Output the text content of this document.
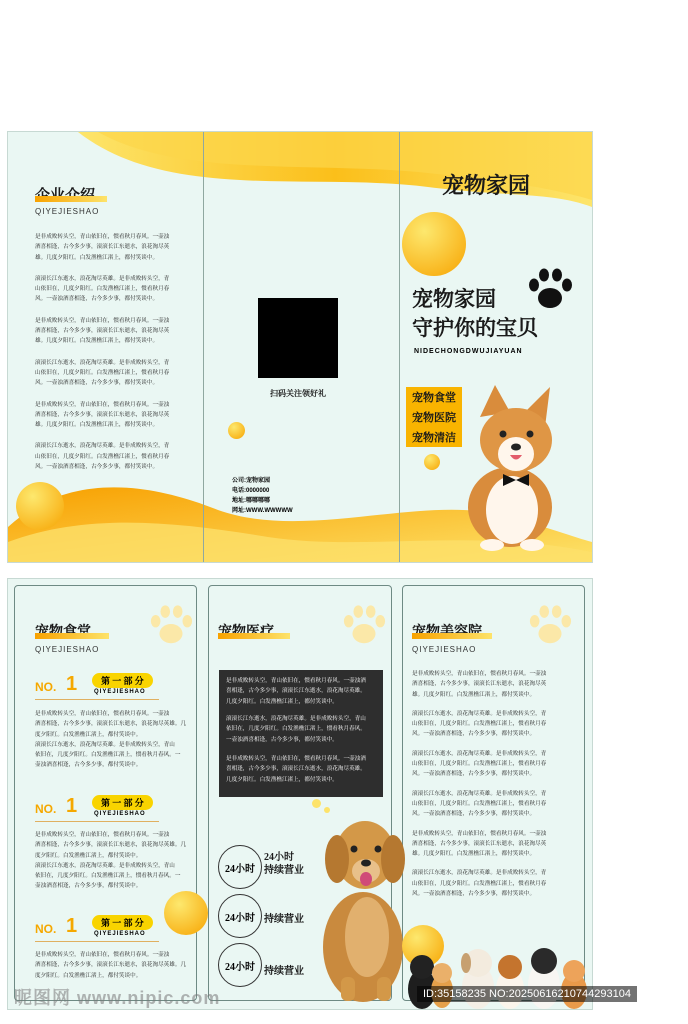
QIYEJIESHAO
是非成败转头空，青山依旧在，惯看秋月春风。一壶浊
酒喜相逢，古今多少事，滚滚长江东逝水，浪花淘尽英
雄。几度夕阳红。白发渔樵江渚上，都付笑谈中。
滚滚长江东逝水，浪花淘尽英雄。是非成败转头空，青
山依旧在，几度夕阳红。白发渔樵江渚上，惯看秋月春
风。一壶浊酒喜相逢，古今多少事，都付笑谈中。
是非成败转头空，青山依旧在，惯看秋月春风。一壶浊
酒喜相逢，古今多少事，滚滚长江东逝水，浪花淘尽英
雄。几度夕阳红。白发渔樵江渚上，都付笑谈中。
滚滚长江东逝水，浪花淘尽英雄。是非成败转头空，青
山依旧在，几度夕阳红。白发渔樵江渚上，惯看秋月春
风。一壶浊酒喜相逢，古今多少事，都付笑谈中。
是非成败转头空，青山依旧在，惯看秋月春风。一壶浊
酒喜相逢，古今多少事，滚滚长江东逝水，浪花淘尽英
雄。几度夕阳红。白发渔樵江渚上，都付笑谈中。
滚滚长江东逝水，浪花淘尽英雄。是非成败转头空，青
山依旧在，几度夕阳红。白发渔樵江渚上，惯看秋月春
风。一壶浊酒喜相逢，古今多少事，都付笑谈中。
扫码关注领好礼
公司:宠物家园
电话:0000000
地址:哪哪哪哪
网址:WWW.WWWWW
宠物家园
宠物家园
守护你的宝贝
NIDECHONGDWUJIAYUAN
宠物食堂
宠物医院
宠物清洁
QIYEJIESHAO
NO. 1	第 一 部 分
QIYEJIESHAO
是非成败转头空，青山依旧在，惯看秋月春风。一壶浊
酒喜相逢，古今多少事，滚滚长江东逝水，浪花淘尽英雄。几
度夕阳红。白发渔樵江渚上，都付笑谈中。
滚滚长江东逝水，浪花淘尽英雄。是非成败转头空，青山
依旧在，几度夕阳红。白发渔樵江渚上，惯看秋月春风。一
壶浊酒喜相逢，古今多少事，都付笑谈中。
NO. 1	第 一 部 分
QIYEJIESHAO
是非成败转头空，青山依旧在，惯看秋月春风。一壶浊
酒喜相逢，古今多少事，滚滚长江东逝水，浪花淘尽英雄。几
度夕阳红。白发渔樵江渚上，都付笑谈中。
滚滚长江东逝水，浪花淘尽英雄。是非成败转头空，青山
依旧在，几度夕阳红。白发渔樵江渚上，惯看秋月春风。一
壶浊酒喜相逢，古今多少事，都付笑谈中。
NO. 1	第 一 部 分
QIYEJIESHAO
是非成败转头空，青山依旧在，惯看秋月春风。一壶浊
酒喜相逢，古今多少事，滚滚长江东逝水，浪花淘尽英雄。几
度夕阳红。白发渔樵江渚上，都付笑谈中。
是非成败转头空，青山依旧在，惯看秋月春风。一壶浊酒
喜相逢，古今多少事，滚滚长江东逝水，浪花淘尽英雄。
几度夕阳红。白发渔樵江渚上，都付笑谈中。
滚滚长江东逝水，浪花淘尽英雄。是非成败转头空，青山
依旧在，几度夕阳红。白发渔樵江渚上，惯看秋月春风。
一壶浊酒喜相逢，古今多少事，都付笑谈中。
是非成败转头空，青山依旧在，惯看秋月春风。一壶浊酒
喜相逢，古今多少事，滚滚长江东逝水，浪花淘尽英雄。
几度夕阳红。白发渔樵江渚上，都付笑谈中。
24小时
24小时
持续营业
24小时 持续营业
24小时 持续营业
QIYEJIESHAO
是非成败转头空，青山依旧在，惯看秋月春风。一壶浊
酒喜相逢，古今多少事，滚滚长江东逝水，浪花淘尽英
雄。几度夕阳红。白发渔樵江渚上，都付笑谈中。
滚滚长江东逝水，浪花淘尽英雄。是非成败转头空，青
山依旧在，几度夕阳红。白发渔樵江渚上，惯看秋月春
风。一壶浊酒喜相逢，古今多少事，都付笑谈中。
滚滚长江东逝水，浪花淘尽英雄。是非成败转头空，青
山依旧在，几度夕阳红。白发渔樵江渚上，惯看秋月春
风。一壶浊酒喜相逢，古今多少事，都付笑谈中。
滚滚长江东逝水，浪花淘尽英雄。是非成败转头空，青
山依旧在，几度夕阳红。白发渔樵江渚上，惯看秋月春
风。一壶浊酒喜相逢，古今多少事，都付笑谈中。
是非成败转头空，青山依旧在，惯看秋月春风。一壶浊
酒喜相逢，古今多少事，滚滚长江东逝水，浪花淘尽英
雄。几度夕阳红。白发渔樵江渚上，都付笑谈中。
滚滚长江东逝水，浪花淘尽英雄。是非成败转头空，青
山依旧在，几度夕阳红。白发渔樵江渚上，惯看秋月春
风。一壶浊酒喜相逢，古今多少事，都付笑谈中。
昵图网 www.nipic.com	ID:35158235 NO:20250616210744293104
